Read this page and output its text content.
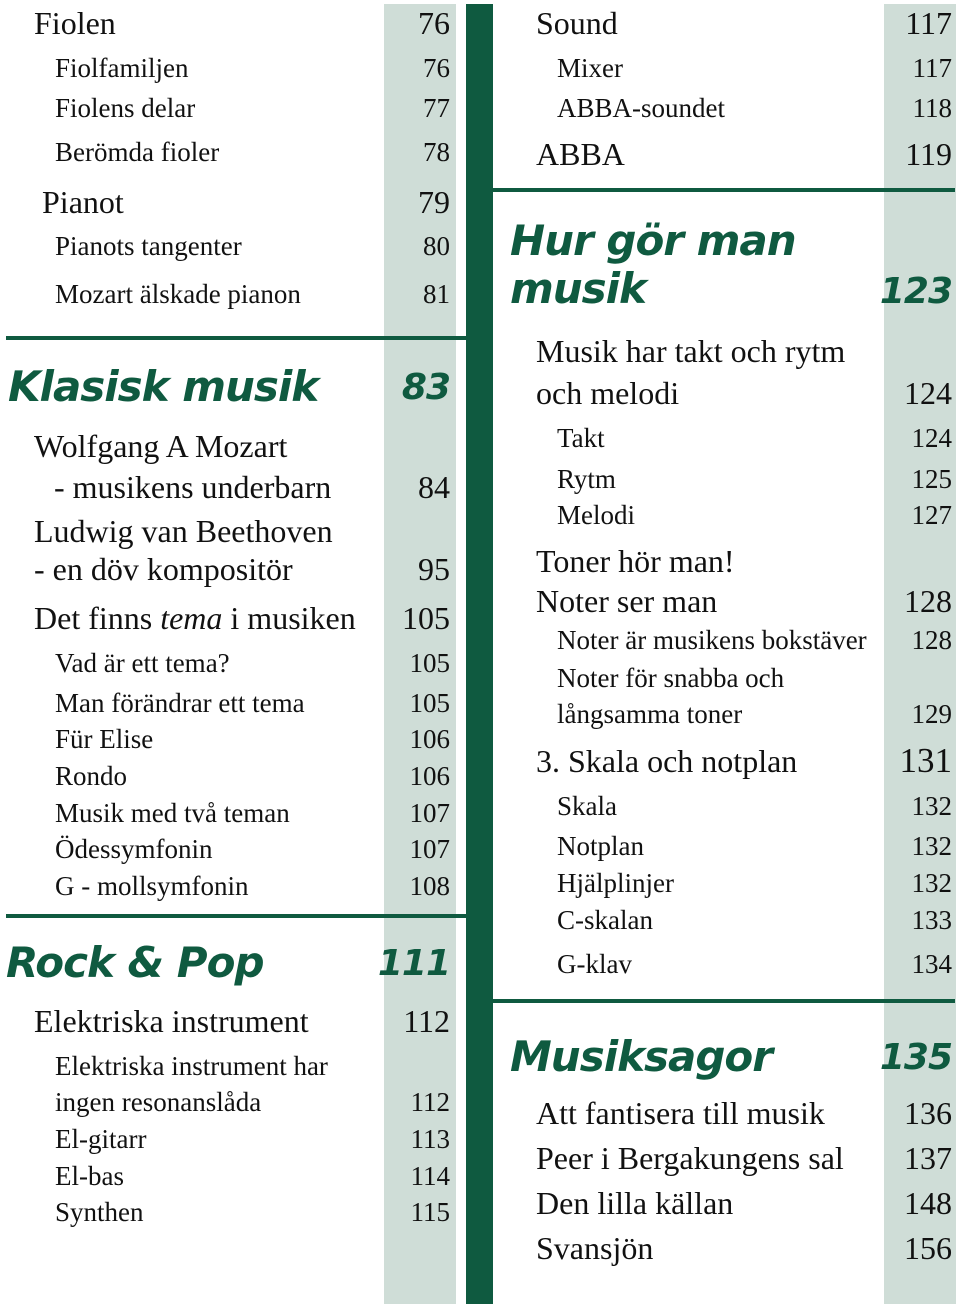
Fiolen	76
Fiolfamiljen	76
Fiolens delar	77
Berömda fioler	78
Pianot	79
Pianots tangenter	80
Mozart älskade pianon	81
Klasisk musik 83
Wolfgang A Mozart
- musikens underbarn	84
Ludwig van Beethoven
- en döv kompositör	95
Det finns tema i musiken 105
Vad är ett tema?	105
Man förändrar ett tema	105
Für Elise	106
Rondo	106
Musik med två teman	107
Ödessymfonin	107
G - mollsymfonin	108
Rock & Pop	111
Elektriska instrument	112
Elektriska instrument har
ingen resonanslåda	112
El-gitarr	113
El-bas	114
Synthen	115
Sound	117
Mixer	117
ABBA-soundet	118
ABBA	119
Hur gör man
musik	123
Musik har takt och rytm
och melodi	124
Takt	124
Rytm	125
Melodi	127
Toner hör man!
Noter ser man	128
Noter är musikens bokstäver 128
Noter för snabba och
långsamma toner	129
3. Skala och notplan	131
Skala	132
Notplan	132
Hjälplinjer	132
C-skalan	133
G-klav	134
Musiksagor	135
Att fantisera till musik 136
Peer i Bergakungens sal 137
Den lilla källan	148
Svansjön	156
